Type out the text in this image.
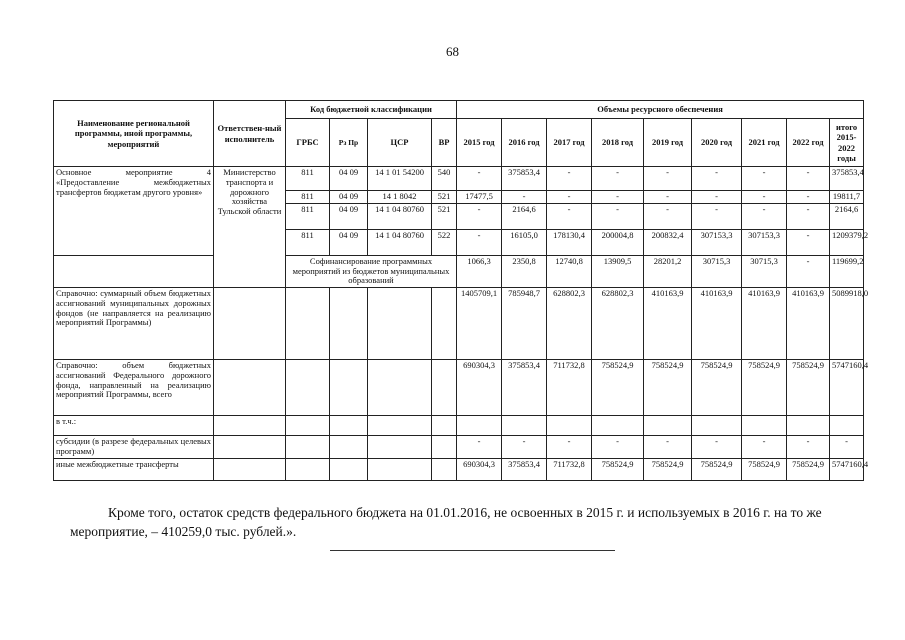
68
Наименование региональной программы, иной программы, мероприятий	Ответствен-ный исполнитель	Код бюджетной классификации				Объемы ресурсного обеспечения								
		ГРБС	Рз Пр	ЦСР	ВР	2015 год	2016 год	2017 год	2018 год	2019 год	2020 год	2021 год	2022 год	итого 2015-2022 годы
Основное мероприятие 4 «Предоставление межбюджетных трансфертов бюджетам другого уровня»	Министерство транспорта и дорожного хозяйства Тульской области	811	04 09	14 1 01 54200	540	-	375853,4	-	-	-	-	-	-	375853,4
		811	04 09	14 1 8042	521	17477,5	-	-	-	-	-	-	-	19811,7
		811	04 09	14 1 04 80760	521	-	2164,6	-	-	-	-	-	-	2164,6
		811	04 09	14 1 04 80760	522	-	16105,0	178130,4	200004,8	200832,4	307153,3	307153,3	-	1209379,2
		Софинансирование программных мероприятий из бюджетов муниципальных образований				1066,3	2350,8	12740,8	13909,5	28201,2	30715,3	30715,3	-	119699,2
Справочно: суммарный объем бюджетных ассигнований муниципальных дорожных фондов (не направляется на реализацию мероприятий Программы)						1405709,1	785948,7	628802,3	628802,3	410163,9	410163,9	410163,9	410163,9	5089918,0
Справочно: объем бюджетных ассигнований Федерального дорожного фонда, направленный на реализацию мероприятий Программы, всего						690304,3	375853,4	711732,8	758524,9	758524,9	758524,9	758524,9	758524,9	5747160,4
в т.ч.:														
субсидии (в разрезе федеральных целевых программ)						-	-	-	-	-	-	-	-	-
иные межбюджетные трансферты						690304,3	375853,4	711732,8	758524,9	758524,9	758524,9	758524,9	758524,9	5747160,4
Кроме того, остаток средств федерального бюджета на 01.01.2016, не освоенных в 2015 г. и используемых в 2016 г. на то же мероприятие, – 410259,0 тыс. рублей.».
